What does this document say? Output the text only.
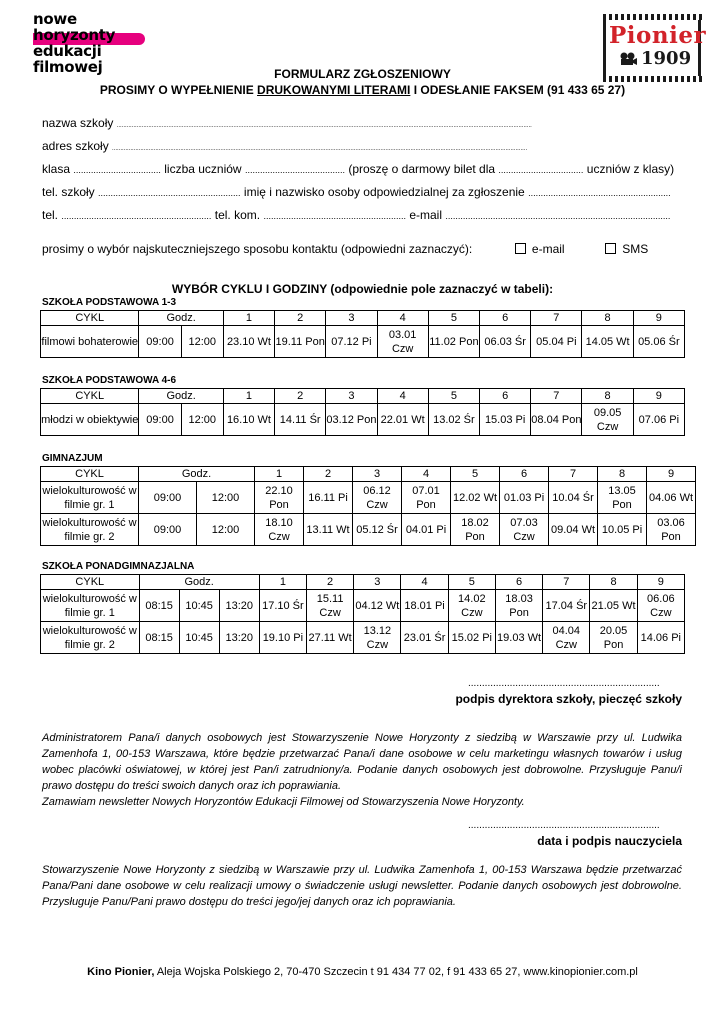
nowe
horyzonty
edukacji
filmowej
Pionier
1909
FORMULARZ ZGŁOSZENIOWY
PROSIMY O WYPEŁNIENIE DRUKOWANYMI LITERAMI I ODESŁANIE FAKSEM (91 433 65 27)
nazwa szkoły .........................................................................................................................................................................................................................................................
adres szkoły .........................................................................................................................................................................................................................................................
klasa ................................... liczba uczniów ........................................ (proszę o darmowy bilet dla .................................. uczniów z klasy)
tel. szkoły ......................................................... imię i nazwisko osoby odpowiedzialnej za zgłoszenie .........................................................
tel. ............................................................ tel. kom. ......................................................... e-mail ..........................................................................................
prosimy o wybór najskuteczniejszego sposobu kontaktu (odpowiedni zaznaczyć):	e-mail	SMS
WYBÓR CYKLU I GODZINY (odpowiednie pole zaznaczyć w tabeli):
SZKOŁA PODSTAWOWA 1-3
CYKL	Godz.		1	2	3	4	5	6	7	8	9
filmowi bohaterowie	09:00	12:00	23.10 Wt	19.11 Pon	07.12 Pi	03.01 Czw	11.02 Pon	06.03 Śr	05.04 Pi	14.05 Wt	05.06 Śr
SZKOŁA PODSTAWOWA 4-6
CYKL	Godz.		1	2	3	4	5	6	7	8	9
młodzi w obiektywie	09:00	12:00	16.10 Wt	14.11 Śr	03.12 Pon	22.01 Wt	13.02 Śr	15.03 Pi	08.04 Pon	09.05 Czw	07.06 Pi
GIMNAZJUM
CYKL	Godz.		1	2	3	4	5	6	7	8	9
wielokulturowość w filmie gr. 1	09:00	12:00	22.10 Pon	16.11 Pi	06.12 Czw	07.01 Pon	12.02 Wt	01.03 Pi	10.04 Śr	13.05 Pon	04.06 Wt
wielokulturowość w filmie gr. 2	09:00	12:00	18.10 Czw	13.11 Wt	05.12 Śr	04.01 Pi	18.02 Pon	07.03 Czw	09.04 Wt	10.05 Pi	03.06 Pon
SZKOŁA PONADGIMNAZJALNA
CYKL	Godz.			1	2	3	4	5	6	7	8	9
wielokulturowość w filmie gr. 1	08:15	10:45	13:20	17.10 Śr	15.11 Czw	04.12 Wt	18.01 Pi	14.02 Czw	18.03 Pon	17.04 Śr	21.05 Wt	06.06 Czw
wielokulturowość w filmie gr. 2	08:15	10:45	13:20	19.10 Pi	27.11 Wt	13.12 Czw	23.01 Śr	15.02 Pi	19.03 Wt	04.04 Czw	20.05 Pon	14.06 Pi
.....................................................................
podpis dyrektora szkoły, pieczęć szkoły
Administratorem Pana/i danych osobowych jest Stowarzyszenie Nowe Horyzonty z siedzibą w Warszawie przy ul. Ludwika Zamenhofa 1, 00-153 Warszawa, które będzie przetwarzać Pana/i dane osobowe w celu marketingu własnych towarów i usług wobec placówki oświatowej, w której jest Pan/i zatrudniony/a. Podanie danych osobowych jest dobrowolne. Przysługuje Panu/i prawo dostępu do treści swoich danych oraz ich poprawiania.
Zamawiam newsletter Nowych Horyzontów Edukacji Filmowej od Stowarzyszenia Nowe Horyzonty.
.....................................................................
data i podpis nauczyciela
Stowarzyszenie Nowe Horyzonty z siedzibą w Warszawie przy ul. Ludwika Zamenhofa 1, 00-153 Warszawa będzie przetwarzać Pana/Pani dane osobowe w celu realizacji umowy o świadczenie usługi newsletter. Podanie danych osobowych jest dobrowolne. Przysługuje Panu/Pani prawo dostępu do treści jego/jej danych oraz ich poprawiania.
Kino Pionier, Aleja Wojska Polskiego 2, 70-470 Szczecin t 91 434 77 02, f 91 433 65 27, www.kinopionier.com.pl
